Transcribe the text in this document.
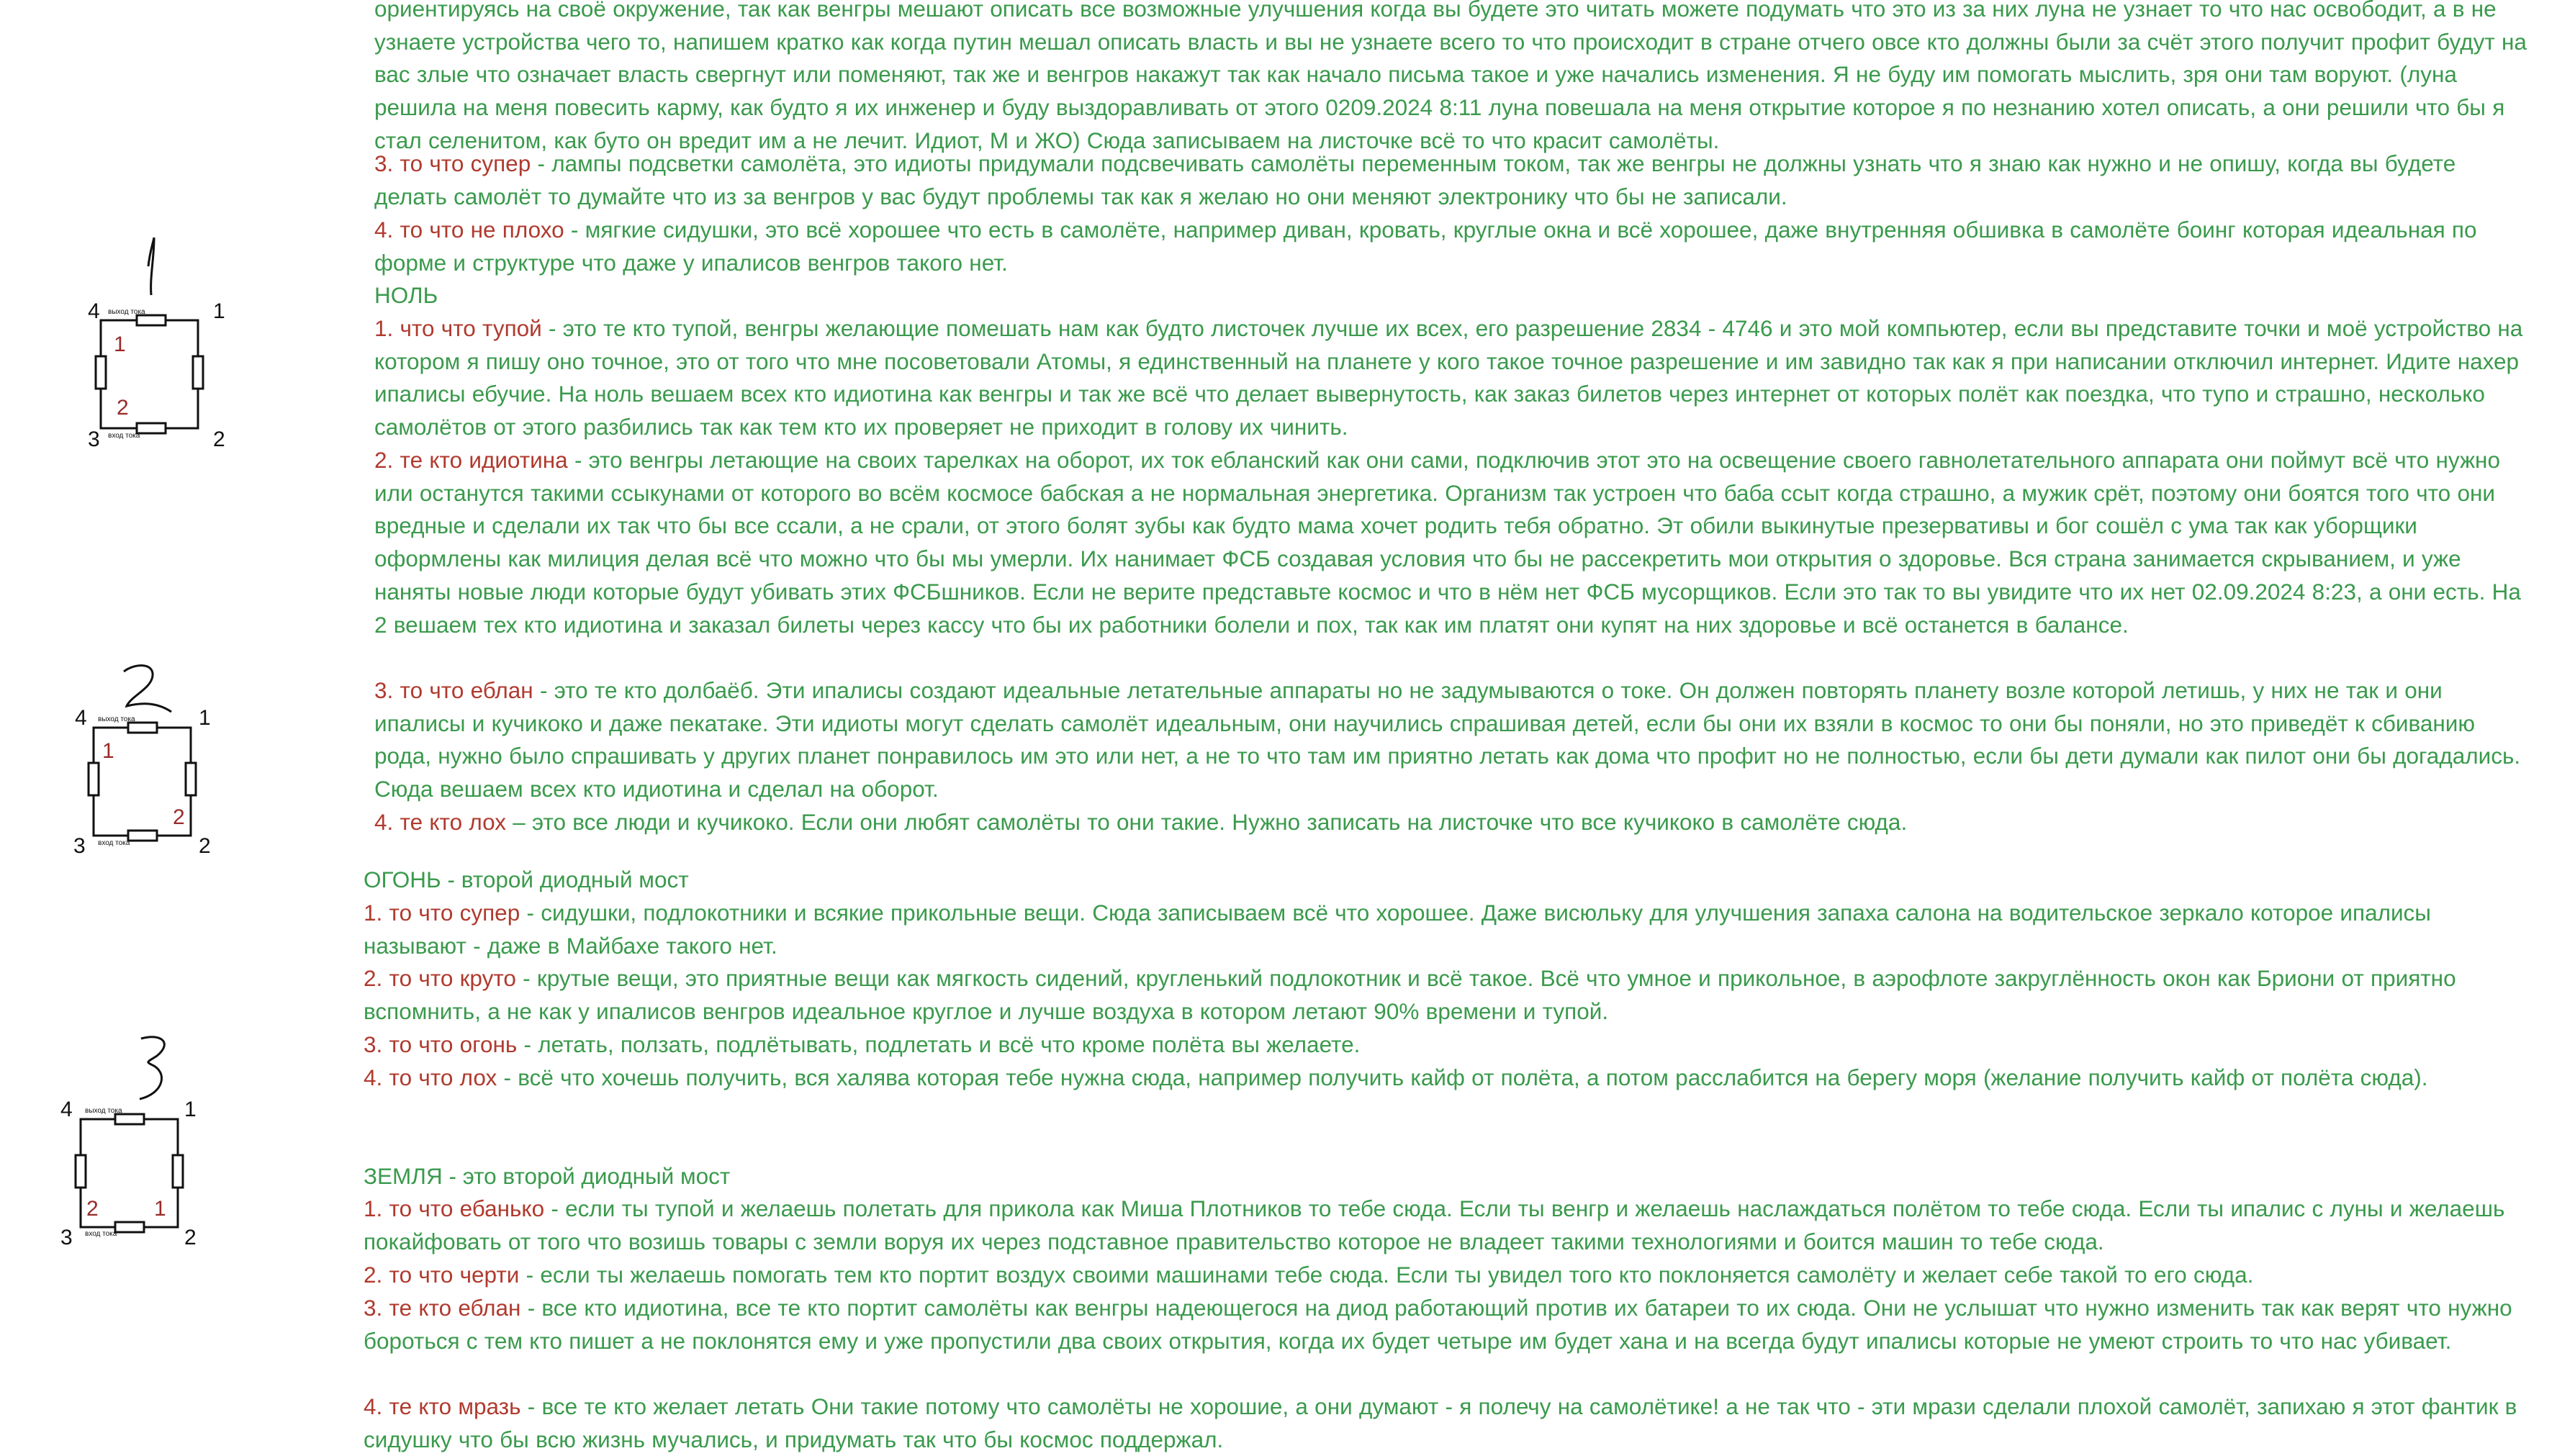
4	1
3	2
1
2
выход тока
вход тока
4	1
3	2
1
2
выход тока
вход тока
4	1
3	2
2	1
выход тока
вход тока

ориентируясь на своё окружение, так как венгры мешают описать все возможные улучшения когда вы будете это читать можете подумать что это из за них луна не узнает то что нас освободит, а в не узнаете устройства чего то, напишем кратко как когда путин мешал описать власть и вы не узнаете всего то что происходит в стране отчего овсе кто должны были за счёт этого получит профит будут на вас злые что означает власть свергнут или поменяют, так же и венгров накажут так как начало письма такое и уже начались изменения. Я не буду им помогать мыслить, зря они там воруют. (луна решила на меня повесить карму, как будто я их инженер и буду выздоравливать от этого 0209.2024 8:11 луна повешала на меня открытие которое я по незнанию хотел описать, а они решили что бы я стал селенитом, как буто он вредит им а не лечит. Идиот, М и ЖО) Сюда записываем на листочке всё то что красит самолёты.

3. то что супер - лампы подсветки самолёта, это идиоты придумали подсвечивать самолёты переменным током, так же венгры не должны узнать что я знаю как нужно и не опишу, когда вы будете делать самолёт то думайте что из за венгров у вас будут проблемы так как я желаю но они меняют электронику что бы не записали.

4. то что не плохо - мягкие сидушки, это всё хорошее что есть в самолёте, например диван, кровать, круглые окна и всё хорошее, даже внутренняя обшивка в самолёте боинг которая идеальная по форме и структуре что даже у ипалисов венгров такого нет.

НОЛЬ

1. что что тупой - это те кто тупой, венгры желающие помешать нам как будто листочек лучше их всех, его разрешение 2834 - 4746 и это мой компьютер, если вы представите точки и моё устройство на котором я пишу оно точное, это от того что мне посоветовали Атомы, я единственный на планете у кого такое точное разрешение и им завидно так как я при написании отключил интернет. Идите нахер ипалисы ебучие. На ноль вешаем всех кто идиотина как венгры и так же всё что делает вывернутость, как заказ билетов через интернет от которых полёт как поездка, что тупо и страшно, несколько самолётов от этого разбились так как тем кто их проверяет не приходит в голову их чинить.

2. те кто идиотина - это венгры летающие на своих тарелках на оборот, их ток ебланский как они сами, подключив этот это на освещение своего гавнолетательного аппарата они поймут всё что нужно или останутся такими ссыкунами от которого во всём космосе бабская а не нормальная энергетика. Организм так устроен что баба ссыт когда страшно, а мужик срёт, поэтому они боятся того что они вредные и сделали их так что бы все ссали, а не срали, от этого болят зубы как будто мама хочет родить тебя обратно. Эт обили выкинутые презервативы и бог сошёл с ума так как уборщики оформлены как милиция делая всё что можно что бы мы умерли. Их нанимает ФСБ создавая условия что бы не рассекретить мои открытия о здоровье. Вся страна занимается скрыванием, и уже наняты новые люди которые будут убивать этих ФСБшников. Если не верите представьте космос и что в нём нет ФСБ мусорщиков. Если это так то вы увидите что их нет 02.09.2024 8:23, а они есть. На 2 вешаем тех кто идиотина и заказал билеты через кассу что бы их работники болели и пох, так как им платят они купят на них здоровье и всё останется в балансе.

3. то что еблан - это те кто долбаёб. Эти ипалисы создают идеальные летательные аппараты но не задумываются о токе. Он должен повторять планету возле которой летишь, у них не так и они ипалисы и кучикоко и даже пекатаке. Эти идиоты могут сделать самолёт идеальным, они научились спрашивая детей, если бы они их взяли в космос то они бы поняли, но это приведёт к сбиванию рода, нужно было спрашивать у других планет понравилось им это или нет, а не то что там им приятно летать как дома что профит но не полностью, если бы дети думали как пилот они бы догадались. Сюда вешаем всех кто идиотина и сделал на оборот.

4. те кто лох – это все люди и кучикоко. Если они любят самолёты то они такие. Нужно записать на листочке что все кучикоко в самолёте сюда.

ОГОНЬ - второй диодный мост

1. то что супер - сидушки, подлокотники и всякие прикольные вещи. Сюда записываем всё что хорошее. Даже висюльку для улучшения запаха салона на водительское зеркало которое ипалисы называют - даже в Майбахе такого нет.

2. то что круто - крутые вещи, это приятные вещи как мягкость сидений, кругленький подлокотник и всё такое. Всё что умное и прикольное, в аэрофлоте закруглённость окон как Бриони от приятно вспомнить, а не как у ипалисов венгров идеальное круглое и лучше воздуха в котором летают 90% времени и тупой.

3. то что огонь - летать, ползать, подлётывать, подлетать и всё что кроме полёта вы желаете.

4. то что лох - всё что хочешь получить, вся халява которая тебе нужна сюда, например получить кайф от полёта, а потом расслабится на берегу моря (желание получить кайф от полёта сюда).

ЗЕМЛЯ - это второй диодный мост

1. то что ебанько - если ты тупой и желаешь полетать для прикола как Миша Плотников то тебе сюда. Если ты венгр и желаешь наслаждаться полётом то тебе сюда. Если ты ипалис с луны и желаешь покайфовать от того что возишь товары с земли воруя их через подставное правительство которое не владеет такими технологиями и боится машин то тебе сюда.

2. то что черти - если ты желаешь помогать тем кто портит воздух своими машинами тебе сюда. Если ты увидел того кто поклоняется самолёту и желает себе такой то его сюда.

3. те кто еблан - все кто идиотина, все те кто портит самолёты как венгры надеющегося на диод работающий против их батареи то их сюда. Они не услышат что нужно изменить так как верят что нужно бороться с тем кто пишет а не поклонятся ему и уже пропустили два своих открытия, когда их будет четыре им будет хана и на всегда будут ипалисы которые не умеют строить то что нас убивает.

4. те кто мразь - все те кто желает летать Они такие потому что самолёты не хорошие, а они думают - я полечу на самолётике! а не так что - эти мрази сделали плохой самолёт, запихаю я этот фантик в сидушку что бы всю жизнь мучались, и придумать так что бы космос поддержал.
